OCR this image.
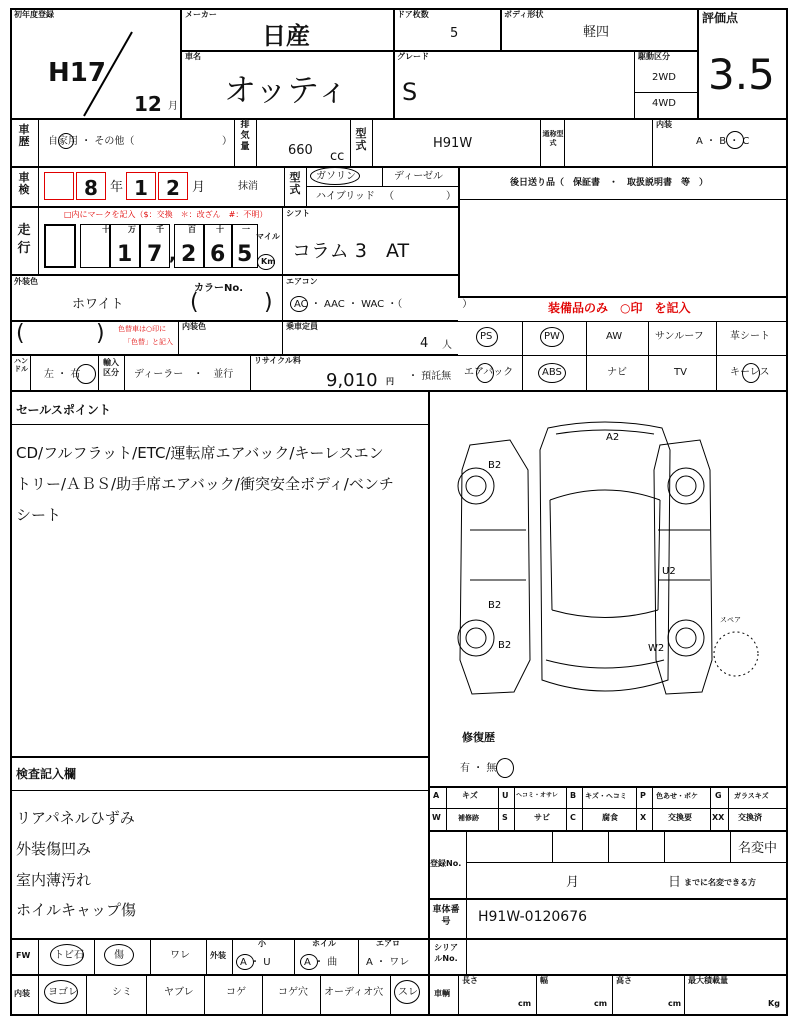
初年度登録
H17
12 月
メーカー
日産
ドア枚数
5
ボディ形状
軽四
評価点
3.5
車名
オッティ
グレード
S
駆動区分
2WD
4WD
車歴	自家用 ・ その他（	）
排気量	660 cc
型式	H91W
通称型式
内装
A ・ B ・ C
車検	8 年 1 2 月	抹消
型式
ガソリン	ディーゼル
ハイブリッド （	）
後日送り品（　保証書　・　取扱説明書　等　）
走行
□内にマークを記入（$：交換　＊：改ざん　#：不明）
十 万	千	百	十 一
1 7 , 2 6 5
マイル
Km
シフト
コラム 3　AT
外装色
ホワイト
カラーNo.
(	)
エアコン
AC ・ AAC ・ WAC ・（　　　　　　）	装備品のみ　○印　を記入
(	) 色替車は○印に
「色替」と記入
内装色	乗車定員
4 人
PS	PW	AW	サンルーフ	革シート
エアバック	ABS	ナビ	TV	キーレス
ハンドル 左 ・ 右
輸入区分	ディーラー　・　並行
リサイクル料
9,010 円 ・ 預託無
セールスポイント
CD/フルフラット/ETC/運転席エアバック/キーレスエン
トリー/ＡＢＳ/助手席エアバック/衝突安全ボディ/ベンチ
シート
A2
B2
B2
B2
U2
W2
スペア
修復歴
有 ・ 無
検査記入欄
リアパネルひずみ
外装傷凹み
室内薄汚れ
ホイルキャップ傷
A	キズ	U ヘコミ・オサレ B キズ・ヘコミ P 色あせ・ボケ G ガラスキズ
W 補修跡	S	サビ	C	腐食	X	交換要	XX 交換済
登録No.
名変中
月	日 までに名変できる方
車体番号	H91W-0120676
シリアルNo.
FW トビ石	傷	ワレ	外装
小
A ・ U
ホイル
A ・ 曲
エアロ
A ・ ワレ
内装 ヨゴレ	シミ	ヤブレ	コゲ	コゲ穴 オーディオ穴 スレ 車輌
長さ
cm
幅
cm
高さ
cm
最大積載量
Kg
